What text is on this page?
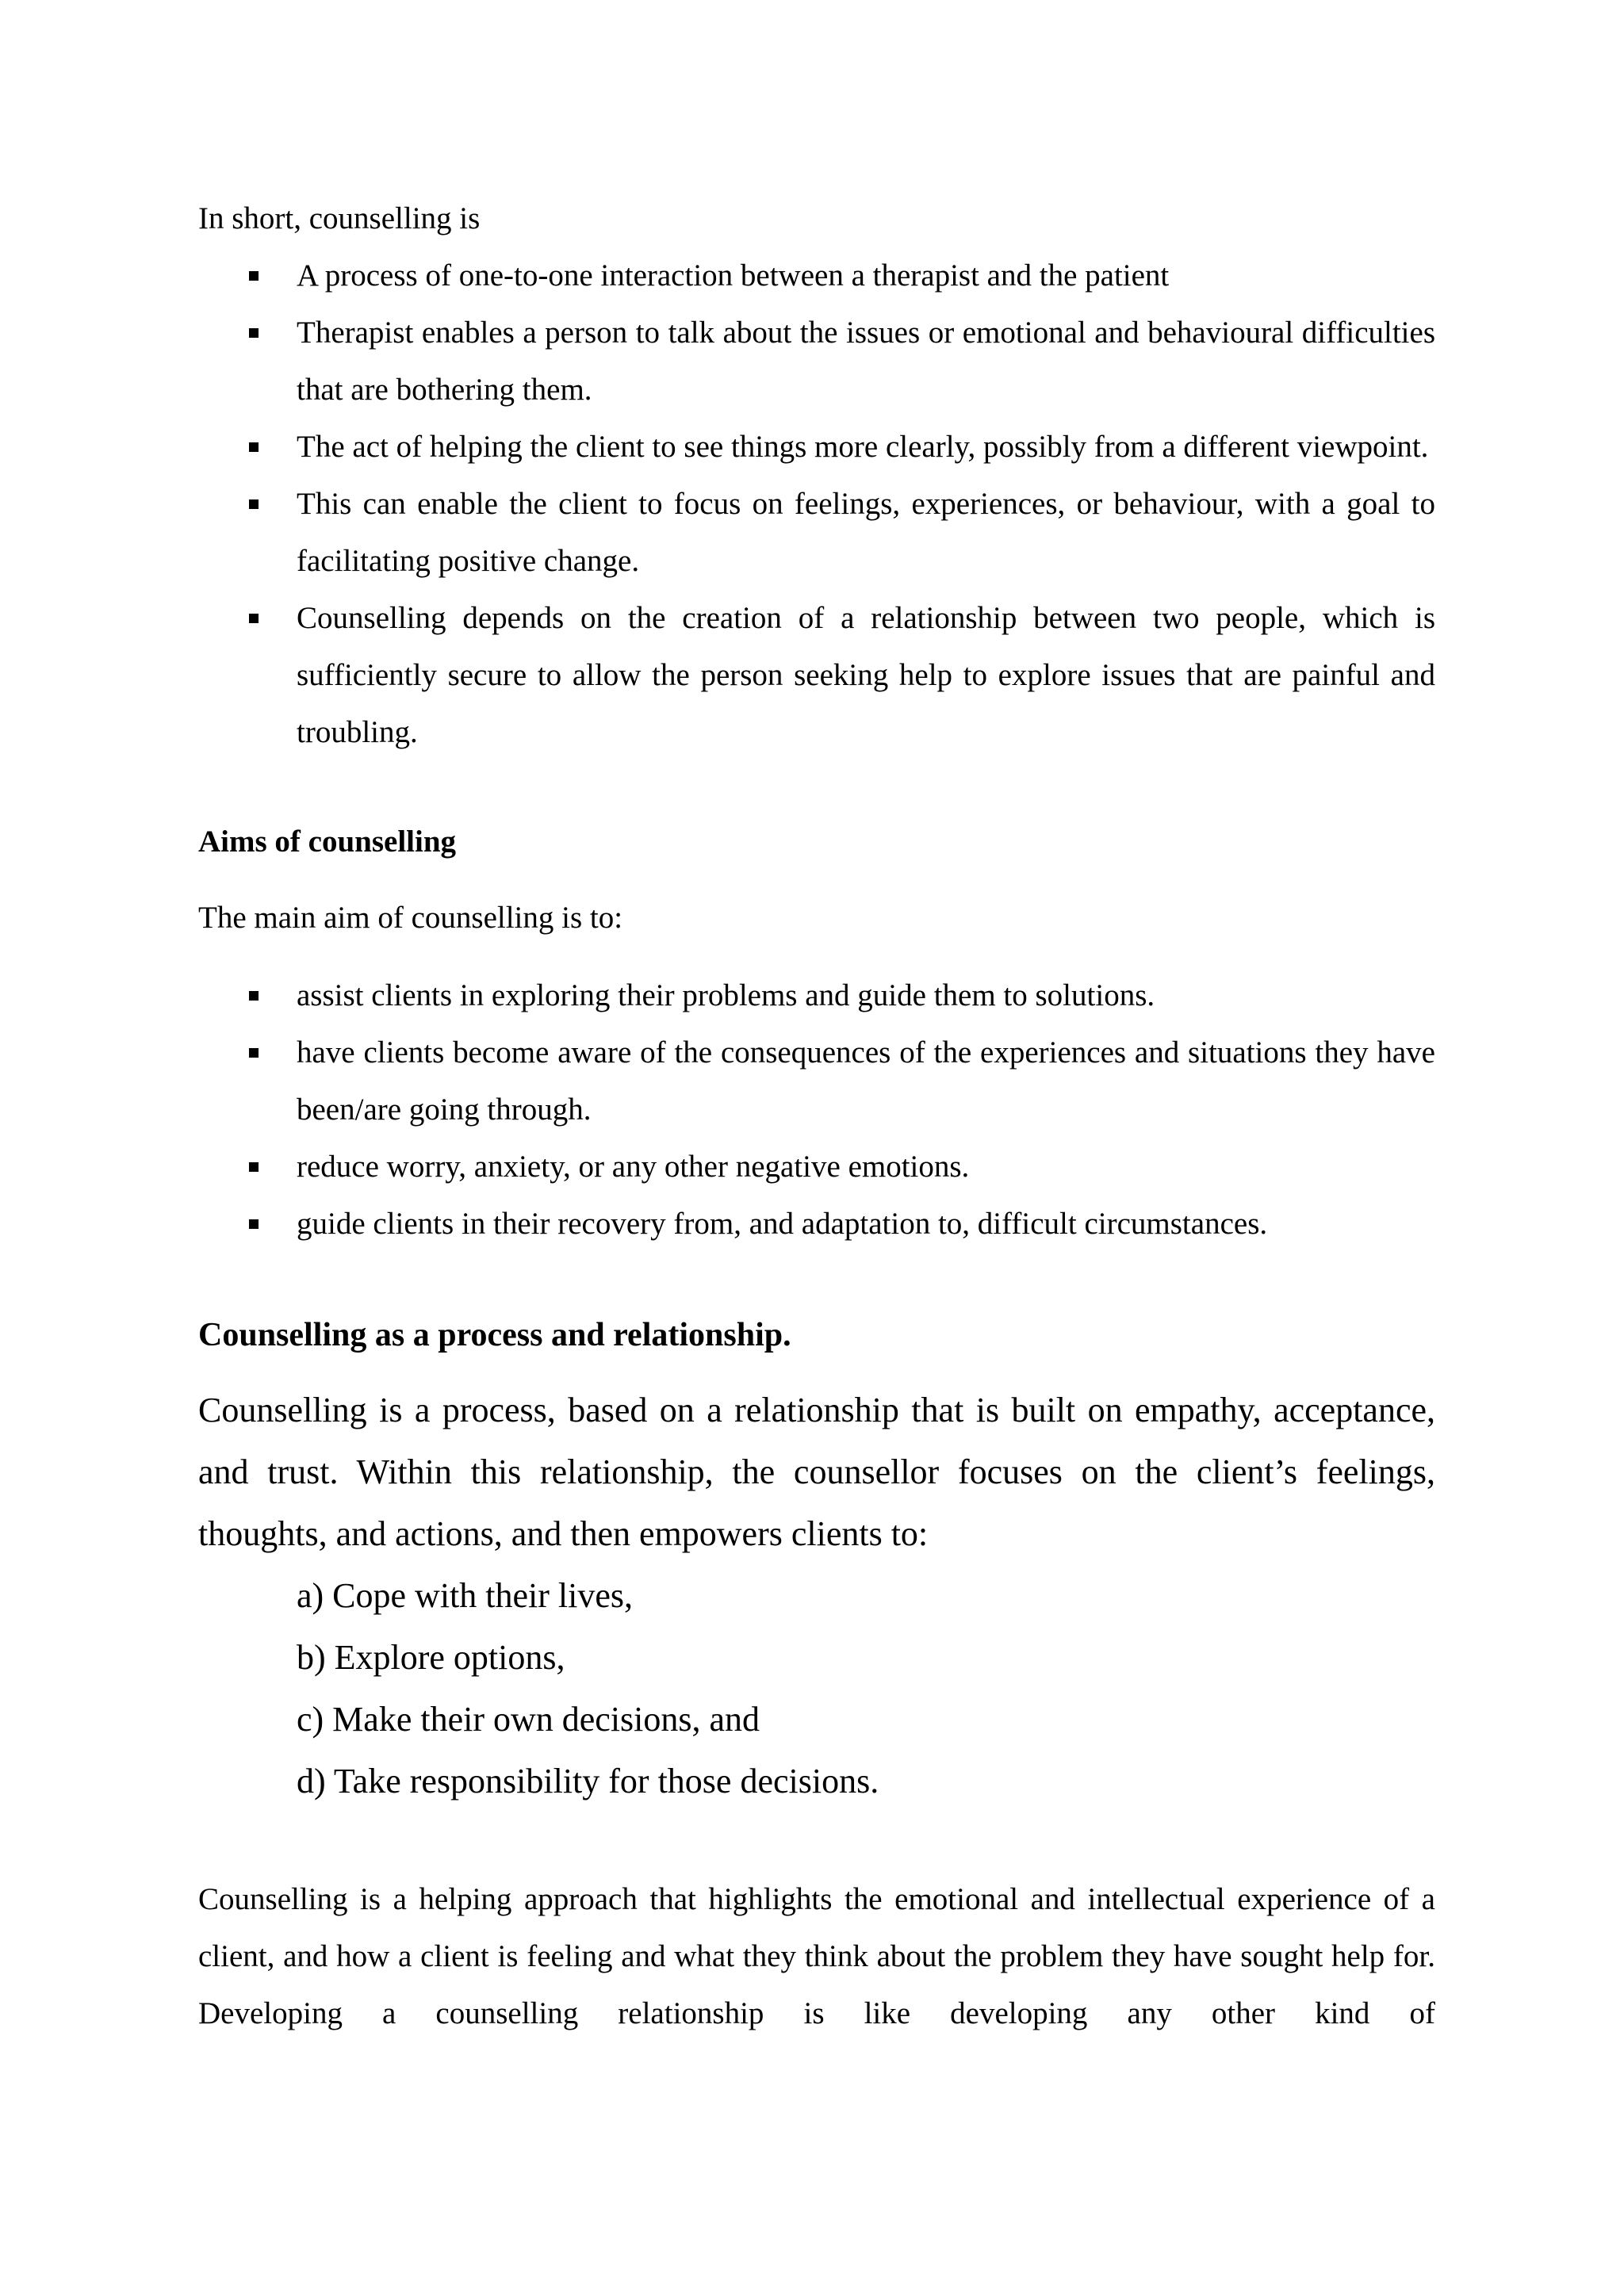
In short, counselling is

A process of one-to-one interaction between a therapist and the patient
Therapist enables a person to talk about the issues or emotional and behavioural difficulties that are bothering them.
The act of helping the client to see things more clearly, possibly from a different viewpoint.
This can enable the client to focus on feelings, experiences, or behaviour, with a goal to facilitating positive change.
Counselling depends on the creation of a relationship between two people, which is sufficiently secure to allow the person seeking help to explore issues that are painful and troubling.

Aims of counselling

The main aim of counselling is to:

assist clients in exploring their problems and guide them to solutions.
have clients become aware of the consequences of the experiences and situations they have been/are going through.
reduce worry, anxiety, or any other negative emotions.
guide clients in their recovery from, and adaptation to, difficult circumstances.

Counselling as a process and relationship.

Counselling is a process, based on a relationship that is built on empathy, acceptance, and trust. Within this relationship, the counsellor focuses on the client’s feelings, thoughts, and actions, and then empowers clients to:

a) Cope with their lives,
b) Explore options,
c) Make their own decisions, and
d) Take responsibility for those decisions.

Counselling is a helping approach that highlights the emotional and intellectual experience of a client, and how a client is feeling and what they think about the problem they have sought help for. Developing a counselling relationship is like developing any other kind of
